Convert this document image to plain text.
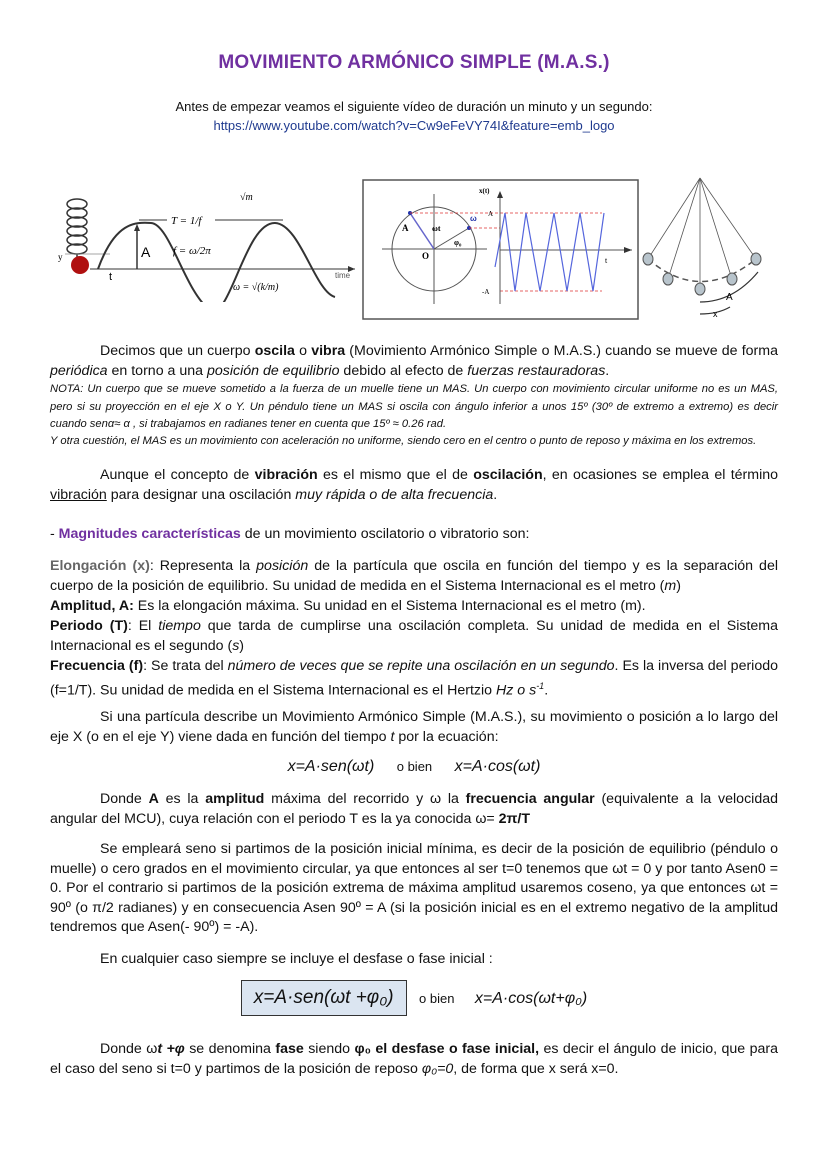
MOVIMIENTO ARMÓNICO SIMPLE (M.A.S.)
Antes de empezar veamos el siguiente vídeo de duración un minuto y un segundo:
https://www.youtube.com/watch?v=Cw9eFeVY74I&feature=emb_logo
y	A
t
T = 1/f
f = ω/2π
ω = √(k/m)
√m
time
A	ωt
φ₀
ω
O
x(t)
A
-A
t
A
x
Decimos que un cuerpo oscila o vibra (Movimiento Armónico Simple o M.A.S.) cuando se mueve de forma periódica en torno a una posición de equilibrio debido al efecto de fuerzas restauradoras.
NOTA: Un cuerpo que se mueve sometido a la fuerza de un muelle tiene un MAS. Un cuerpo con movimiento circular uniforme no es un MAS, pero si su proyección en el eje X o Y. Un péndulo tiene un MAS si oscila con ángulo inferior a unos 15º (30º de extremo a extremo) es decir cuando senα≈ α , si trabajamos en radianes tener en cuenta que 15º ≈ 0.26 rad.
Y otra cuestión, el MAS es un movimiento con aceleración no uniforme, siendo cero en el centro o punto de reposo y máxima en los extremos.
Aunque el concepto de vibración es el mismo que el de oscilación, en ocasiones se emplea el término vibración para designar una oscilación muy rápida o de alta frecuencia.
- Magnitudes características de un movimiento oscilatorio o vibratorio son:
Elongación (x): Representa la posición de la partícula que oscila en función del tiempo y es la separación del cuerpo de la posición de equilibrio. Su unidad de medida en el Sistema Internacional es el metro (m)
Amplitud, A: Es la elongación máxima. Su unidad en el Sistema Internacional es el metro (m).
Periodo (T): El tiempo que tarda de cumplirse una oscilación completa. Su unidad de medida en el Sistema Internacional es el segundo (s)
Frecuencia (f): Se trata del número de veces que se repite una oscilación en un segundo. Es la inversa del periodo (f=1/T). Su unidad de medida en el Sistema Internacional es el Hertzio Hz o $s^{-1}$.
Si una partícula describe un Movimiento Armónico Simple (M.A.S.), su movimiento o posición a lo largo del eje X (o en el eje Y) viene dada en función del tiempo t por la ecuación:
x=A·sen(ωt) o bien x=A·cos(ωt)
Donde A es la amplitud máxima del recorrido y ω la frecuencia angular (equivalente a la velocidad angular del MCU), cuya relación con el periodo T es la ya conocida ω= 2π/T
Se empleará seno si partimos de la posición inicial mínima, es decir de la posición de equilibrio (péndulo o muelle) o cero grados en el movimiento circular, ya que entonces al ser t=0 tenemos que ωt = 0 y por tanto Asen0 = 0. Por el contrario si partimos de la posición extrema de máxima amplitud usaremos coseno, ya que entonces ωt = 90º (o π/2 radianes) y en consecuencia Asen 90º = A (si la posición inicial es en el extremo negativo de la amplitud tendremos que Asen(- 90º) = -A).
En cualquier caso siempre se incluye el desfase o fase inicial :
x=A·sen(ωt +φ₀) o bien x=A·cos(ωt+φ₀)
Donde ωt +φ se denomina fase siendo φ₀ el desfase o fase inicial, es decir el ángulo de inicio, que para el caso del seno si t=0 y partimos de la posición de reposo φ₀=0, de forma que x será x=0.
